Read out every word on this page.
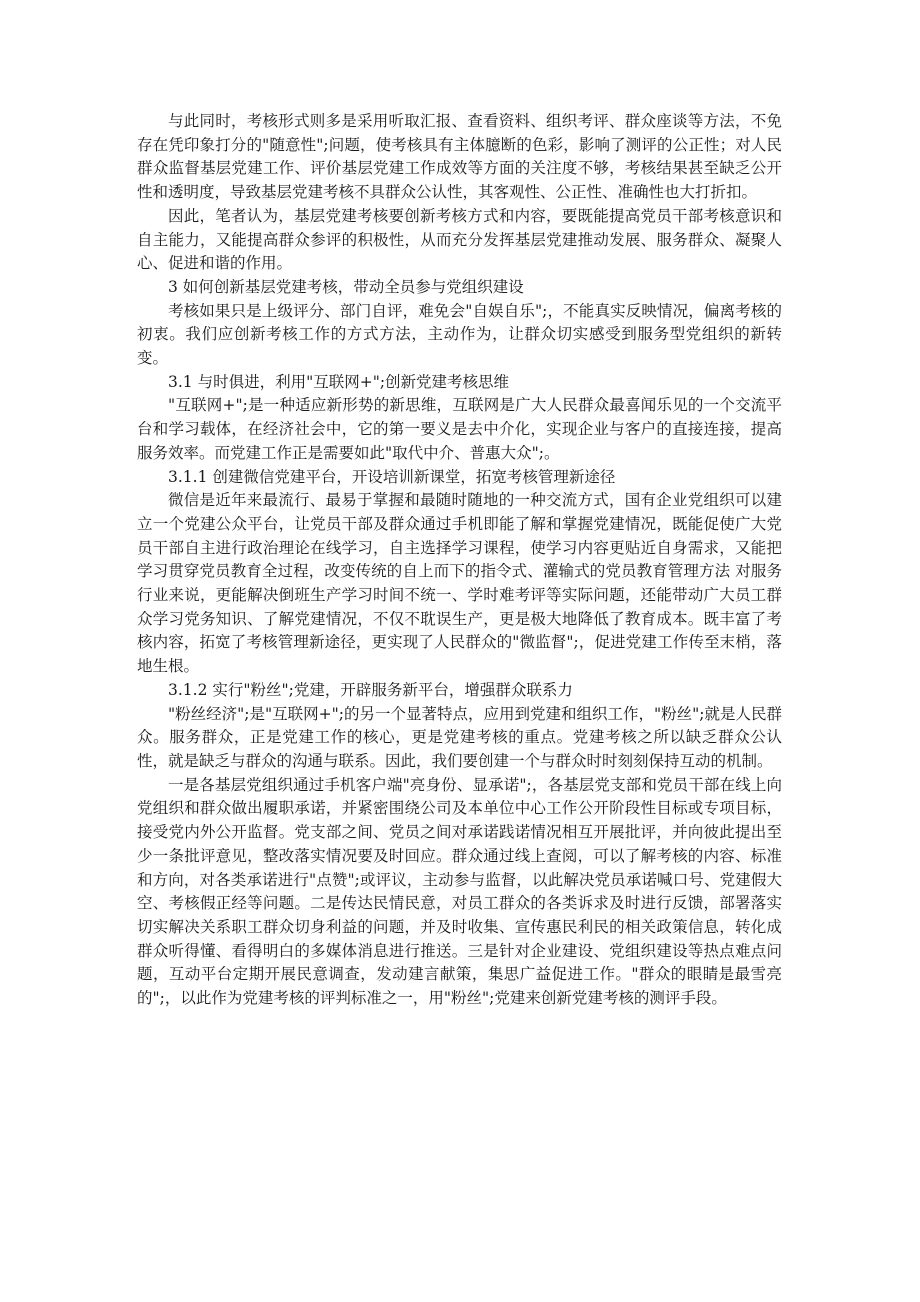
与此同时，考核形式则多是采用听取汇报、查看资料、组织考评、群众座谈等方法，不免存在凭印象打分的"随意性";问题，使考核具有主体臆断的色彩，影响了测评的公正性；对人民群众监督基层党建工作、评价基层党建工作成效等方面的关注度不够，考核结果甚至缺乏公开性和透明度，导致基层党建考核不具群众公认性，其客观性、公正性、准确性也大打折扣。

因此，笔者认为，基层党建考核要创新考核方式和内容，要既能提高党员干部考核意识和自主能力，又能提高群众参评的积极性，从而充分发挥基层党建推动发展、服务群众、凝聚人心、促进和谐的作用。

3 如何创新基层党建考核，带动全员参与党组织建设

考核如果只是上级评分、部门自评，难免会"自娱自乐";，不能真实反映情况，偏离考核的初衷。我们应创新考核工作的方式方法，主动作为，让群众切实感受到服务型党组织的新转变。

3.1 与时俱进，利用"互联网+";创新党建考核思维

"互联网+";是一种适应新形势的新思维，互联网是广大人民群众最喜闻乐见的一个交流平台和学习载体，在经济社会中，它的第一要义是去中介化，实现企业与客户的直接连接，提高服务效率。而党建工作正是需要如此"取代中介、普惠大众";。

3.1.1 创建微信党建平台，开设培训新课堂，拓宽考核管理新途径

微信是近年来最流行、最易于掌握和最随时随地的一种交流方式，国有企业党组织可以建立一个党建公众平台，让党员干部及群众通过手机即能了解和掌握党建情况，既能促使广大党员干部自主进行政治理论在线学习，自主选择学习课程，使学习内容更贴近自身需求，又能把学习贯穿党员教育全过程，改变传统的自上而下的指令式、灌输式的党员教育管理方法 对服务行业来说，更能解决倒班生产学习时间不统一、学时难考评等实际问题，还能带动广大员工群众学习党务知识、了解党建情况，不仅不耽误生产，更是极大地降低了教育成本。既丰富了考核内容，拓宽了考核管理新途径，更实现了人民群众的"微监督";，促进党建工作传至末梢，落地生根。

3.1.2 实行"粉丝";党建，开辟服务新平台，增强群众联系力

"粉丝经济";是"互联网+";的另一个显著特点，应用到党建和组织工作，"粉丝";就是人民群众。服务群众，正是党建工作的核心，更是党建考核的重点。党建考核之所以缺乏群众公认性，就是缺乏与群众的沟通与联系。因此，我们要创建一个与群众时时刻刻保持互动的机制。

一是各基层党组织通过手机客户端"亮身份、显承诺";，各基层党支部和党员干部在线上向党组织和群众做出履职承诺，并紧密围绕公司及本单位中心工作公开阶段性目标或专项目标，接受党内外公开监督。党支部之间、党员之间对承诺践诺情况相互开展批评，并向彼此提出至少一条批评意见，整改落实情况要及时回应。群众通过线上查阅，可以了解考核的内容、标准和方向，对各类承诺进行"点赞";或评议，主动参与监督，以此解决党员承诺喊口号、党建假大空、考核假正经等问题。二是传达民情民意，对员工群众的各类诉求及时进行反馈，部署落实切实解决关系职工群众切身利益的问题，并及时收集、宣传惠民利民的相关政策信息，转化成群众听得懂、看得明白的多媒体消息进行推送。三是针对企业建设、党组织建设等热点难点问题，互动平台定期开展民意调查，发动建言献策，集思广益促进工作。"群众的眼睛是最雪亮的";，以此作为党建考核的评判标准之一，用"粉丝";党建来创新党建考核的测评手段。
